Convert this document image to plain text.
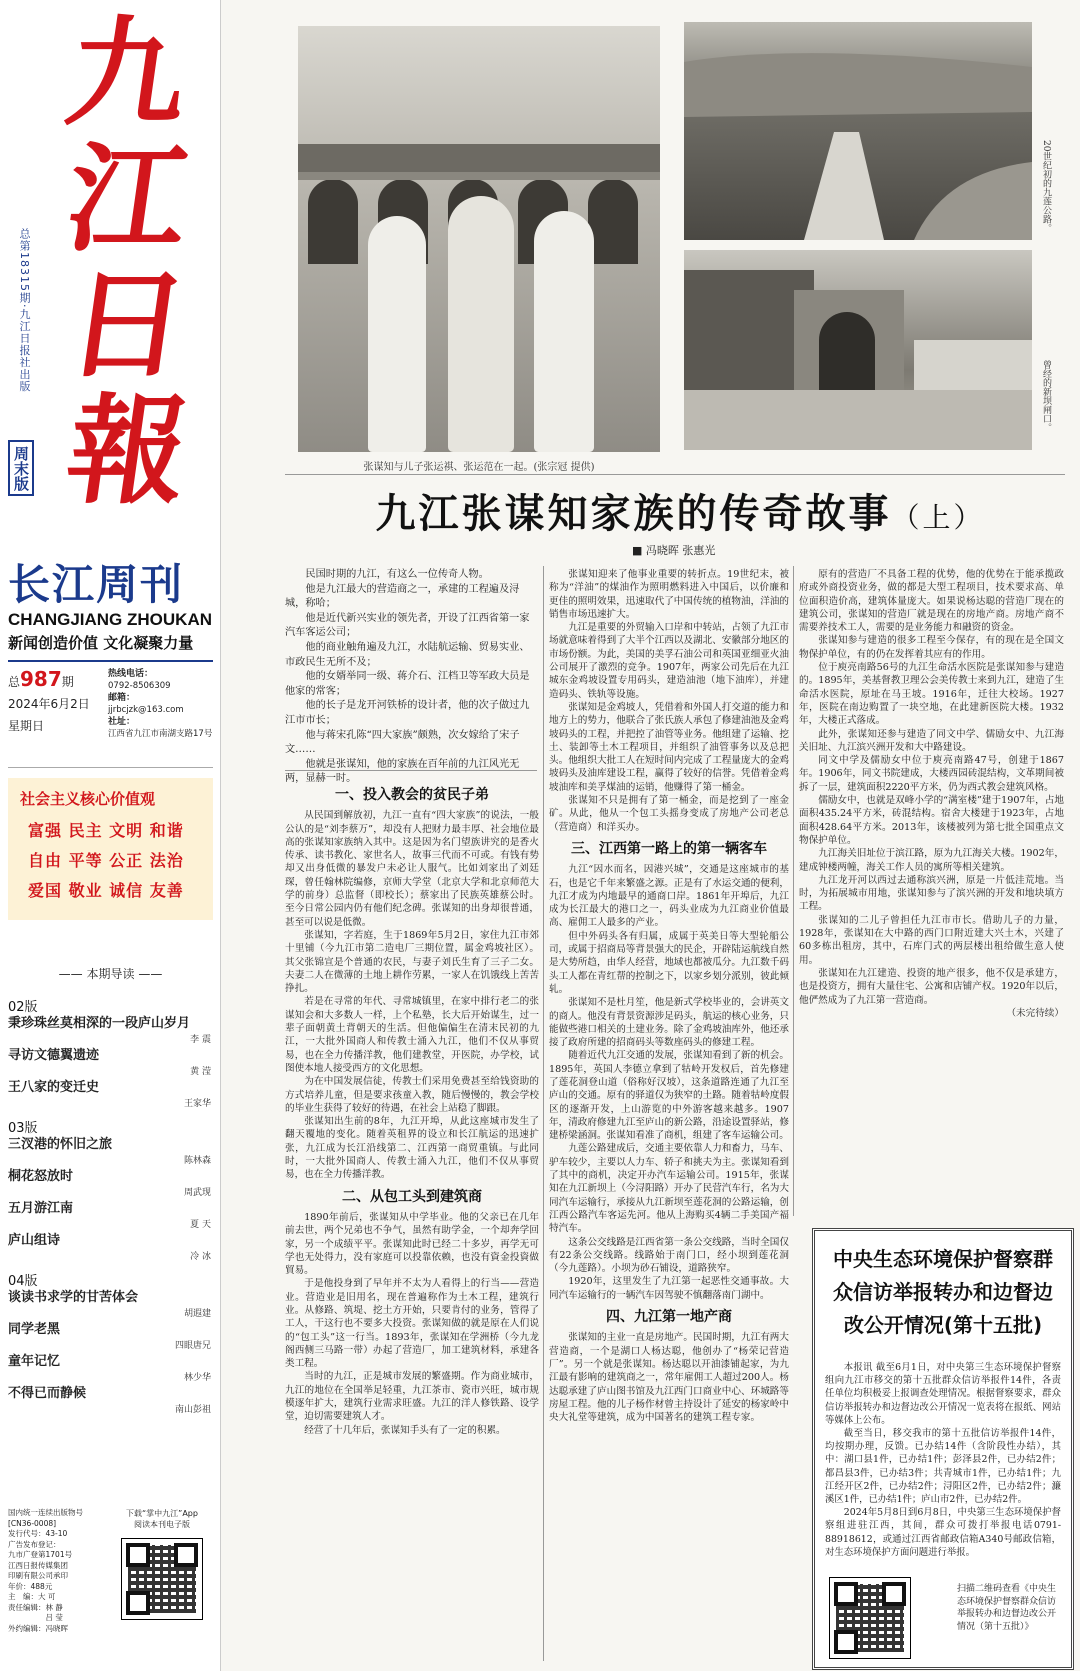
九
江
日
報
总第18315期·九江日报社出版
周末版
长江周刊
CHANGJIANG ZHOUKAN
新闻创造价值 文化凝聚力量
总987期
2024年6月2日
星期日
热线电话：
0792-8506309
邮箱：
jjrbcjzk@163.com
社址：
江西省九江市南湖支路17号
社会主义核心价值观
富强 民主 文明 和谐
自由 平等 公正 法治
爱国 敬业 诚信 友善
—— 本期导读 ——
02版
秉珍珠丝莫相深的一段庐山岁月
李 震
寻访文德翼遗迹
黄 滢
王八家的变迁史
王家华
03版
三汊港的怀旧之旅
陈林森
桐花怒放时
周武现
五月游江南
夏 天
庐山组诗
冷 冰
04版
谈读书求学的甘苦体会
胡遐建
同学老黑
四眼唐兄
童年记忆
林少华
不得已而静候
南山彭祖
国内统一连续出版物号
[CN36-0008]
发行代号：43-10
广告发布登记：
九市广登第1701号
江西日报传媒集团
印刷有限公司承印
年价：488元
主　编：大 可
责任编辑：林 静
　　　　　吕 莹
外约编辑：冯晓晖
下载“掌中九江”App
阅读本刊电子版
张谋知与儿子张运祺、张运范在一起。(张宗冠 提供)
20世纪初的九莲公路。
曾经的新坝闸口。
九江张谋知家族的传奇故事（上）
■ 冯晓晖 张惠光

民国时期的九江，有这么一位传奇人物。

他是九江最大的营造商之一，承建的工程遍及浔城，称哈；

他是近代新兴实业的领先者，开设了江西省第一家汽车客运公司；

他的商业触角遍及九江，水陆航运输、贸易实业、市政民生无所不及；

他的女婿举同一级、蒋介石、江档卫等军政大员是他家的常客；

他的长子是龙开河铁桥的设计者，他的次子做过九江市市长；

他与蒋宋孔陈“四大家族”颇熟，次女嫁给了宋子文……

他就是张谋知，他的家族在百年前的九江风光无两，显赫一时。

一、投入教会的贫民子弟

从民国到解放初，九江一直有“四大家族”的说法，一般公认的是“刘李蔡万”，却没有人把财力最丰厚、社会地位最高的张谋知家族纳入其中。这是因为名门望族讲究的是香火传承、读书教化、家世名人，故事三代而不可或。有钱有势却又出身低微的暴发户未必让人服气。比如刘家出了刘廷琛，曾任翰林院编修，京师大学堂（北京大学和北京师范大学的前身）总监督（即校长）；蔡家出了民族英雄蔡公时。至今日常公园内仍有他们纪念碑。张谋知的出身却很普通，甚至可以说是低微。

张谋知，字若庭，生于1869年5月2日，家住九江市郊十里铺（今九江市第二造电厂三期位置，属金鸡坡社区）。其父张锦宣是个普通的农民，与妻子刘氏生育了三子二女。夫妻二人在微薄的土地上耕作劳累，一家人在饥饿线上苦苦挣扎。

若是在寻常的年代、寻常城镇里，在家中排行老二的张谋知会和大多数人一样，上个私塾，长大后开始谋生，过一辈子面朝黄土背朝天的生活。但他偏偏生在清末民初的九江，一大批外国商人和传教士涌入九江，他们不仅从事贸易，也在全力传播洋教，他们建教堂，开医院，办学校，试图使本地人接受西方的文化思想。

为在中国发展信徒，传教士们采用免费甚至给钱资助的方式培养儿童，但是要求孩童入教，随后慢慢的，教会学校的毕业生获得了较好的待遇，在社会上站稳了脚跟。

张谋知出生前的8年，九江开埠，从此这座城市发生了翻天覆地的变化。随着英租界的设立和长江航运的迅速扩张，九江成为长江沿线第二、江西第一商贸重镇。与此同时，一大批外国商人、传教士涌入九江，他们不仅从事贸易，也在全力传播洋教。

二、从包工头到建筑商

1890年前后，张谋知从中学毕业。他的父亲已在几年前去世，两个兄弟也不争气，虽然有助学金，一个却奔学回家，另一个成绩平平。张谋知此时已经二十多岁，再学无可学也无处得力，没有家庭可以投靠依赖，也没有資金投資做貿易。

于是他投身到了早年并不太为人看得上的行当——营造业。营造业是旧用名，现在普遍称作为土木工程，建筑行业。从修路、筑堤、挖土方开始，只要肯付的业务，管得了工人，干这行也不要多大投资。张谋知做的就是原在人们说的“包工头”这一行当。1893年，张谋知在学洲桥（今九龙阁西侧三马路一带）办起了营造厂，加工建筑材料，承建各类工程。

当时的九江，正是城市发展的繁盛期。作为商业城市，九江的地位在全国举足轻重，九江茶市、瓷市兴旺，城市规模逐年扩大，建筑行业需求旺盛。九江的洋人修铁路、设学堂，迫切需要建筑人才。

经营了十几年后，张谋知手头有了一定的积累。

张谋知迎来了他事业重要的转折点。19世纪末，被称为“洋油”的煤油作为照明燃料进入中国后，以价廉和更佳的照明效果，迅速取代了中国传统的植物油，洋油的销售市场迅速扩大。

九江是重要的外贸输入口岸和中转站，占领了九江市场就意味着得到了大半个江西以及湖北、安徽部分地区的市场份额。为此，美国的美孚石油公司和英国亚细亚火油公司展开了激烈的竞争。1907年，两家公司先后在九江城东金鸡坡设置专用码头，建造油池（地下油库），并建造码头、铁轨等设施。

张谋知是金鸡坡人，凭借着和外国人打交道的能力和地方上的势力，他联合了张氏族人承包了修建油池及金鸡坡码头的工程，并把控了油管等业务。他组建了运输、挖土、装卸等土木工程项目，并组织了油管事务以及总把头。他组织大批工人在短时间内完成了工程量庞大的金鸡坡码头及油库建设工程，赢得了较好的信誉。凭借着金鸡坡油库和美孚煤油的运销，他赚得了第一桶金。

张谋知不只是拥有了第一桶金，而是挖到了一座金矿。从此，他从一个包工头摇身变成了房地产公司老总（营造商）和洋买办。

三、江西第一路上的第一辆客车

九江“因水而名，因港兴城”，交通是这座城市的基石，也是它千年来繁盛之源。正是有了水运交通的便利，九江才成为内地最早的通商口岸。1861年开埠后，九江成为长江最大的港口之一，码头业成为九江商业价值最高、雇佣工人最多的产业。

但中外码头各有归属，成属于英美日等大型轮船公司，或属于招商局等背景强大的民企，开辟陆运航线自然是大势所趋，由华人经营，地域也都被瓜分。九江数千码头工人都在青红帮的控制之下，以家乡划分派别，彼此倾轧。

张谋知不是杜月笙，他是新式学校毕业的，会讲英文的商人。他没有背景资源涉足码头，航运的核心业务，只能做些港口相关的土建业务。除了金鸡坡油库外，他还承接了政府所建的招商码头等数座码头的修建工程。

随着近代九江交通的发展，张谋知看到了新的机会。1895年，英国人李德立拿到了牯岭开发权后，首先修建了莲花洞登山道（俗称好汉坡），这条道路连通了九江至庐山的交通。原有的驿道仅为狭窄的土路。随着牯岭度假区的逐渐开发，上山游览的中外游客越来越多。1907年，清政府修建九江至庐山的新公路，沿途设置驿站，修建桥梁涵洞。张谋知看准了商机，组建了客车运输公司。

九莲公路建成后，交通主要依靠人力和畜力，马车、驴车较少，主要以人力车、轿子和挑夫为主。张谋知看到了其中的商机，决定开办汽车运输公司。1915年，张谋知在九江新坝上（今浔阳路）开办了民营汽车行，名为大同汽车运输行，承接从九江新坝至莲花洞的公路运输，创江西公路汽车客运先河。他从上海购买4辆二手美国产福特汽车。

这条公交线路是江西省第一条公交线路，当时全国仅有22条公交线路。线路始于南门口，经小坝到莲花洞（今九莲路）。小坝为砂石铺设，道路狭窄。

1920年，这里发生了九江第一起恶性交通事故。大同汽车运输行的一辆汽车因驾驶不慎翻落南门湖中。

四、九江第一地产商

张谋知的主业一直是房地产。民国时期，九江有两大营造商，一个是湖口人杨达聪，他创办了“杨荣记营造厂”。另一个就是张谋知。杨达聪以开油漆铺起家，为九江最有影响的建筑商之一，常年雇佣工人超过200人。杨达聪承建了庐山图书馆及九江西门口商业中心、环城路等房屋工程。他的儿子杨作材曾主持设计了延安的杨家岭中央大礼堂等建筑，成为中国著名的建筑工程专家。

原有的营造厂不具备工程的优势，他的优势在于能承揽政府或外商投资业务，做的都是大型工程项目，技术要求高、单位面积造价高，建筑体量庞大。如果说杨达聪的营造厂现在的建筑公司，张谋知的营造厂就是现在的房地产商。房地产商不需要养技术工人，需要的是业务能力和融资的资金。

张谋知参与建造的很多工程至今保存，有的现在是全国文物保护单位，有的仍在发挥着其应有的作用。

位于庾亮南路56号的九江生命活水医院是张谋知参与建造的。1895年，美基督教卫理公会美传教士来到九江，建造了生命活水医院，原址在马王坡。1916年，迁往大校场。1927年，医院在南边购置了一块空地，在此建新医院大楼。1932年，大楼正式落成。

此外，张谋知还参与建造了同文中学、儒励女中、九江海关旧址、九江滨兴洲开发和大中路建设。

同文中学及儒励女中位于庾亮南路47号，创建于1867年。1906年，同文书院建成，大楼西园砖混结构，文革期间被拆了一层，建筑面积2220平方米，仍为西式教会建筑风格。

儒励女中，也就是双峰小学的“满室楼”建于1907年，占地面积435.24平方米，砖混结构。宿舍大楼建于1923年，占地面积428.64平方米。2013年，该楼被列为第七批全国重点文物保护单位。

九江海关旧址位于滨江路，原为九江海关大楼。1902年，建成钟楼两幢，海关工作人员的寓所等相关建筑。

九江龙开河以西过去通称滨兴洲，原是一片低洼荒地。当时，为拓展城市用地，张谋知参与了滨兴洲的开发和地块填方工程。

张谋知的二儿子曾担任九江市市长。借助儿子的力量，1928年，张谋知在大中路的西门口附近建大兴土木，兴建了60多栋出租房，其中，石库门式的两层楼出租给做生意人使用。

张谋知在九江建造、投资的地产很多，他不仅是承建方，也是投资方，拥有大量住宅、公寓和店铺产权。1920年以后，他俨然成为了九江第一营造商。

（未完待续）
中央生态环境保护督察群众信访举报转办和边督边改公开情况(第十五批)

本报讯 截至6月1日，对中央第三生态环境保护督察组向九江市移交的第十五批群众信访举报件14件，各责任单位均积极妥上报调查处理情况。根据督察要求，群众信访举报转办和边督边改公开情况一览表将在报纸、网站等媒体上公布。

截至当日，移交我市的第十五批信访举报件14件，均按期办理，反馈。已办结14件（含阶段性办结），其中：湖口县1件，已办结1件；彭泽县2件，已办结2件；都昌县3件，已办结3件；共青城市1件，已办结1件；九江经开区2件，已办结2件；浔阳区2件，已办结2件；濂溪区1件，已办结1件；庐山市2件，已办结2件。

2024年5月8日到6月8日，中央第三生态环境保护督察组进驻江西，其间，群众可拨打举报电话0791-88918612，或通过江西省邮政信箱A340号邮政信箱，对生态环境保护方面问题进行举报。

扫描二维码查看《中央生态环境保护督察群众信访举报转办和边督边改公开情况（第十五批）》
